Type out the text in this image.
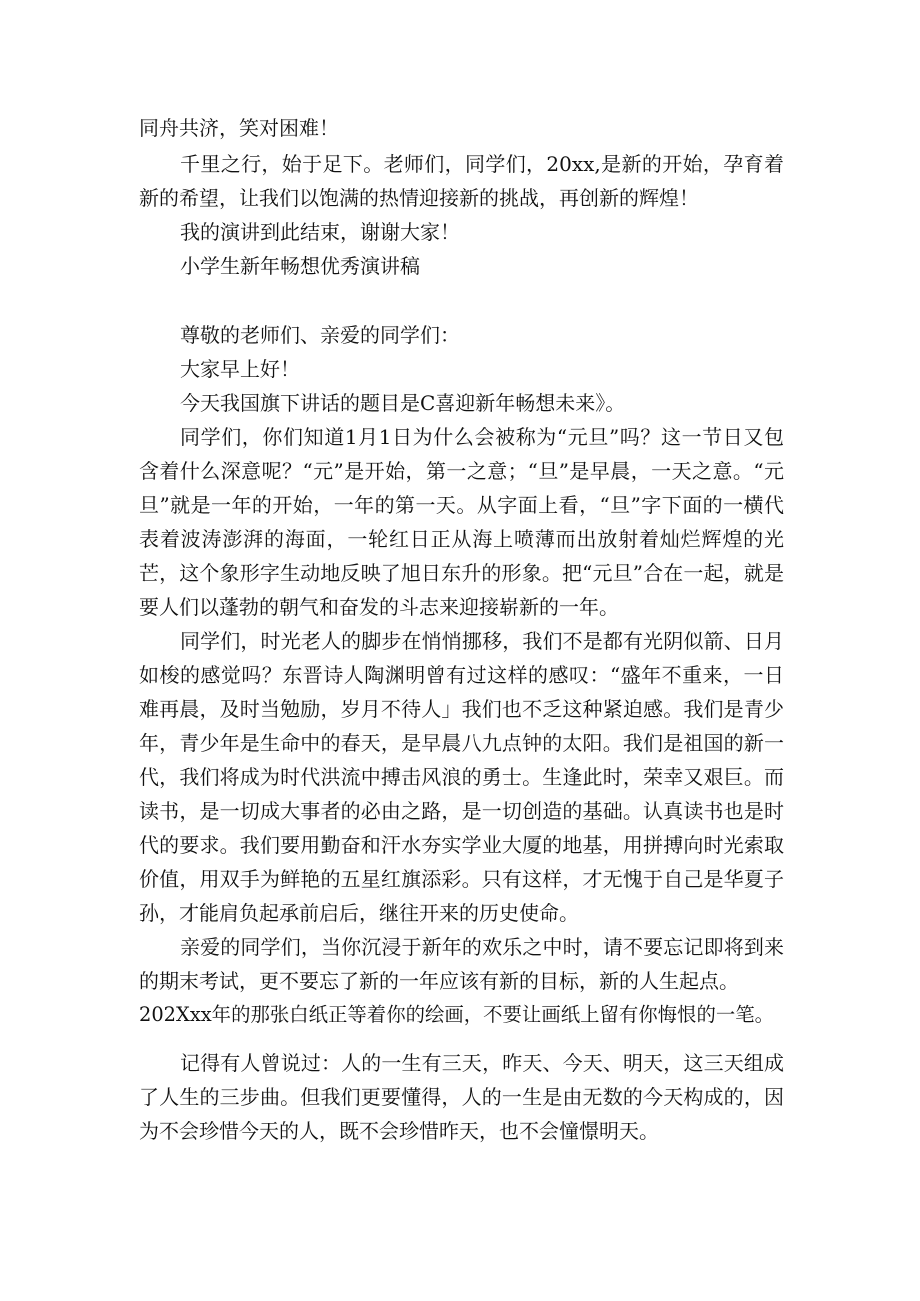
同舟共济，笑对困难！
千里之行，始于足下。老师们，同学们，20xx,是新的开始，孕育着新的希望，让我们以饱满的热情迎接新的挑战，再创新的辉煌！
我的演讲到此结束，谢谢大家！
小学生新年畅想优秀演讲稿
尊敬的老师们、亲爱的同学们：
大家早上好！
今天我国旗下讲话的题目是C喜迎新年畅想未来》。
同学们，你们知道1月1日为什么会被称为“元旦”吗？这一节日又包含着什么深意呢？“元”是开始，第一之意；“旦”是早晨，一天之意。“元旦”就是一年的开始，一年的第一天。从字面上看，“旦”字下面的一横代表着波涛澎湃的海面，一轮红日正从海上喷薄而出放射着灿烂辉煌的光芒，这个象形字生动地反映了旭日东升的形象。把“元旦”合在一起，就是要人们以蓬勃的朝气和奋发的斗志来迎接崭新的一年。
同学们，时光老人的脚步在悄悄挪移，我们不是都有光阴似箭、日月如梭的感觉吗？东晋诗人陶渊明曾有过这样的感叹：“盛年不重来，一日难再晨，及时当勉励，岁月不待人」我们也不乏这种紧迫感。我们是青少年，青少年是生命中的春天，是早晨八九点钟的太阳。我们是祖国的新一代，我们将成为时代洪流中搏击风浪的勇士。生逢此时，荣幸又艰巨。而读书，是一切成大事者的必由之路，是一切创造的基础。认真读书也是时代的要求。我们要用勤奋和汗水夯实学业大厦的地基，用拼搏向时光索取价值，用双手为鲜艳的五星红旗添彩。只有这样，才无愧于自己是华夏子孙，才能肩负起承前启后，继往开来的历史使命。
亲爱的同学们，当你沉浸于新年的欢乐之中时，请不要忘记即将到来的期末考试，更不要忘了新的一年应该有新的目标，新的人生起点。
202Xxx年的那张白纸正等着你的绘画，不要让画纸上留有你悔恨的一笔。
记得有人曾说过：人的一生有三天，昨天、今天、明天，这三天组成了人生的三步曲。但我们更要懂得，人的一生是由无数的今天构成的，因为不会珍惜今天的人，既不会珍惜昨天，也不会憧憬明天。
